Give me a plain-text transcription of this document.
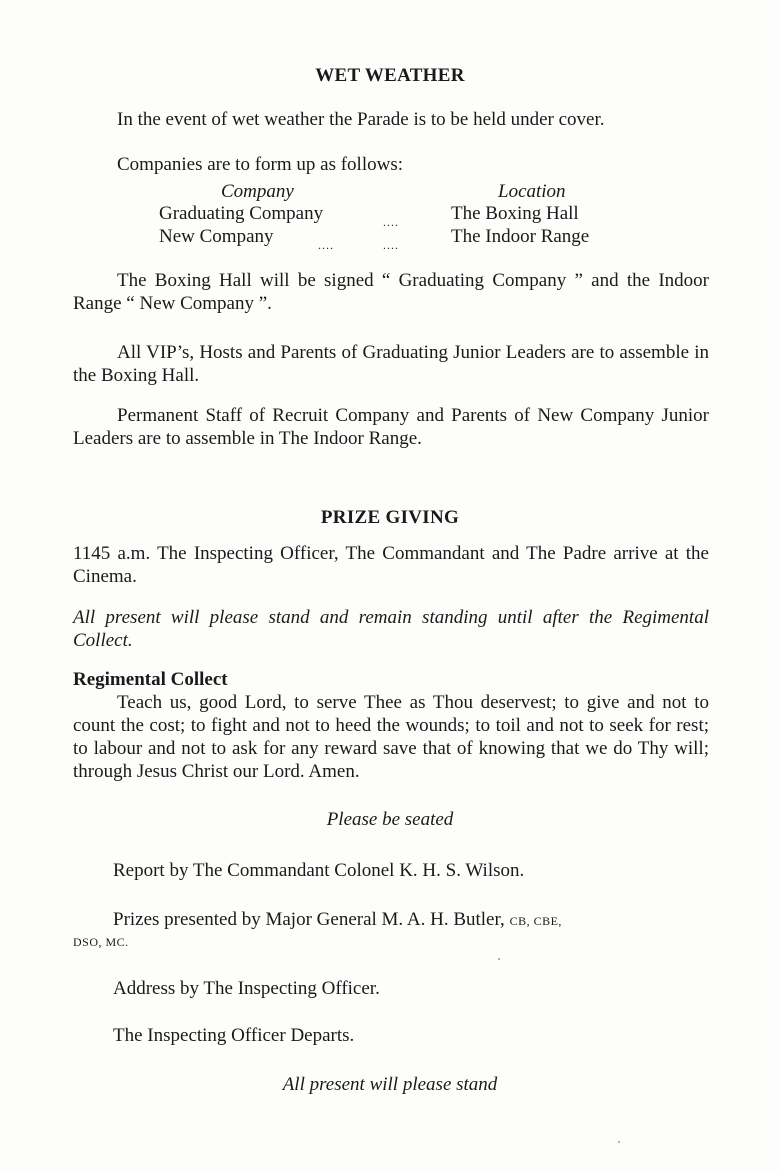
WET WEATHER
In the event of wet weather the Parade is to be held under cover.
Companies are to form up as follows:
Company	Location
Graduating Company	....	The Boxing Hall
New Company	....	....	The Indoor Range
The Boxing Hall will be signed “ Graduating Company ” and the Indoor Range “ New Company ”.
All VIP’s, Hosts and Parents of Graduating Junior Leaders are to assemble in the Boxing Hall.
Permanent Staff of Recruit Company and Parents of New Company Junior Leaders are to assemble in The Indoor Range.
PRIZE GIVING
1145 a.m. The Inspecting Officer, The Commandant and The Padre arrive at the Cinema.
All present will please stand and remain standing until after the Regimental Collect.
Regimental Collect
Teach us, good Lord, to serve Thee as Thou deservest; to give and not to count the cost; to fight and not to heed the wounds; to toil and not to seek for rest; to labour and not to ask for any reward save that of knowing that we do Thy will; through Jesus Christ our Lord. Amen.
Please be seated
Report by The Commandant Colonel K. H. S. Wilson.
Prizes presented by Major General M. A. H. Butler, CB, CBE,
DSO, MC.
Address by The Inspecting Officer.
The Inspecting Officer Departs.
All present will please stand
